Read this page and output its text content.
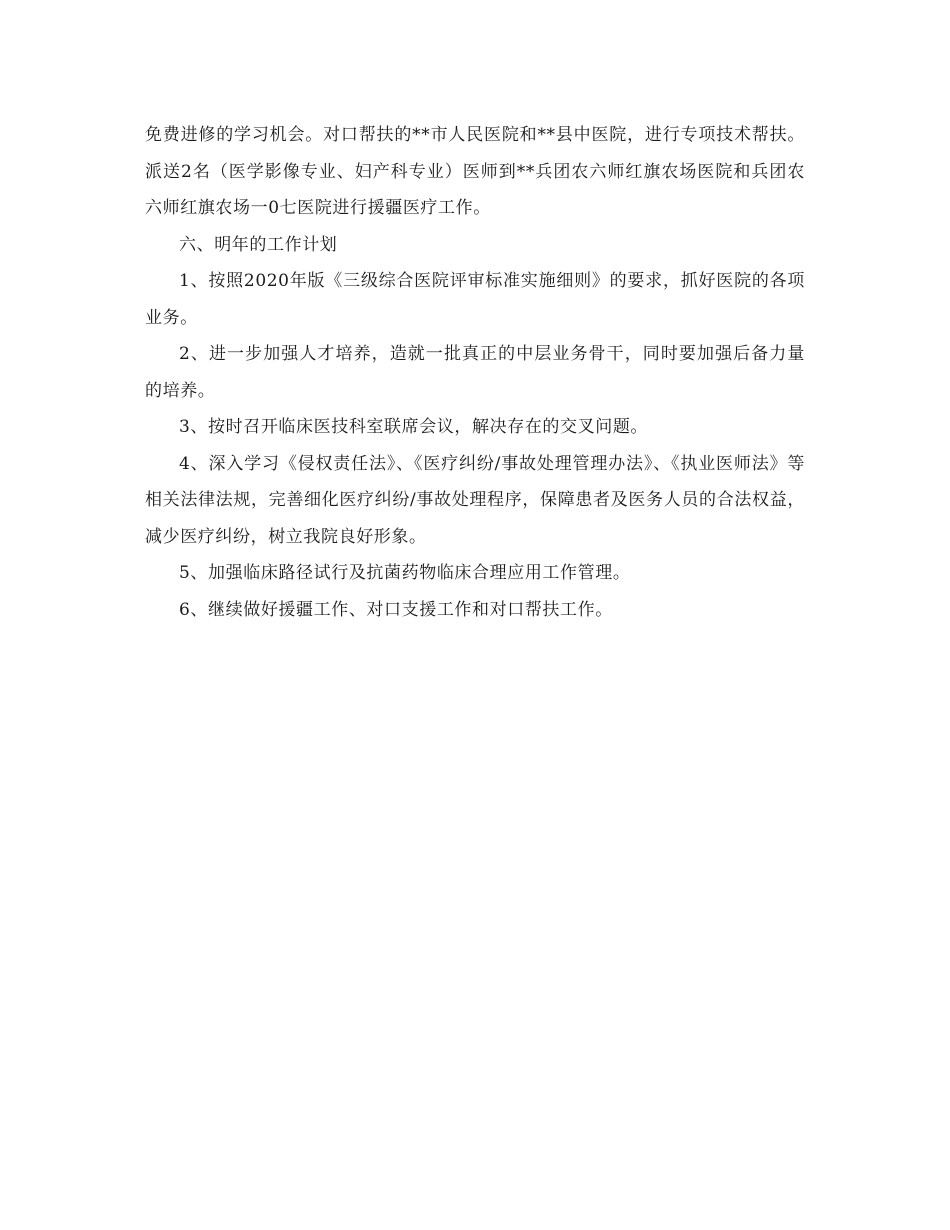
免费进修的学习机会。对口帮扶的**市人民医院和**县中医院，进行专项技术帮扶。派送2名（医学影像专业、妇产科专业）医师到**兵团农六师红旗农场医院和兵团农六师红旗农场一0七医院进行援疆医疗工作。

六、明年的工作计划

1、按照2020年版《三级综合医院评审标准实施细则》的要求，抓好医院的各项业务。

2、进一步加强人才培养，造就一批真正的中层业务骨干，同时要加强后备力量的培养。

3、按时召开临床医技科室联席会议，解决存在的交叉问题。

4、深入学习《侵权责任法》、《医疗纠纷/事故处理管理办法》、《执业医师法》等相关法律法规，完善细化医疗纠纷/事故处理程序，保障患者及医务人员的合法权益，减少医疗纠纷，树立我院良好形象。

5、加强临床路径试行及抗菌药物临床合理应用工作管理。

6、继续做好援疆工作、对口支援工作和对口帮扶工作。
